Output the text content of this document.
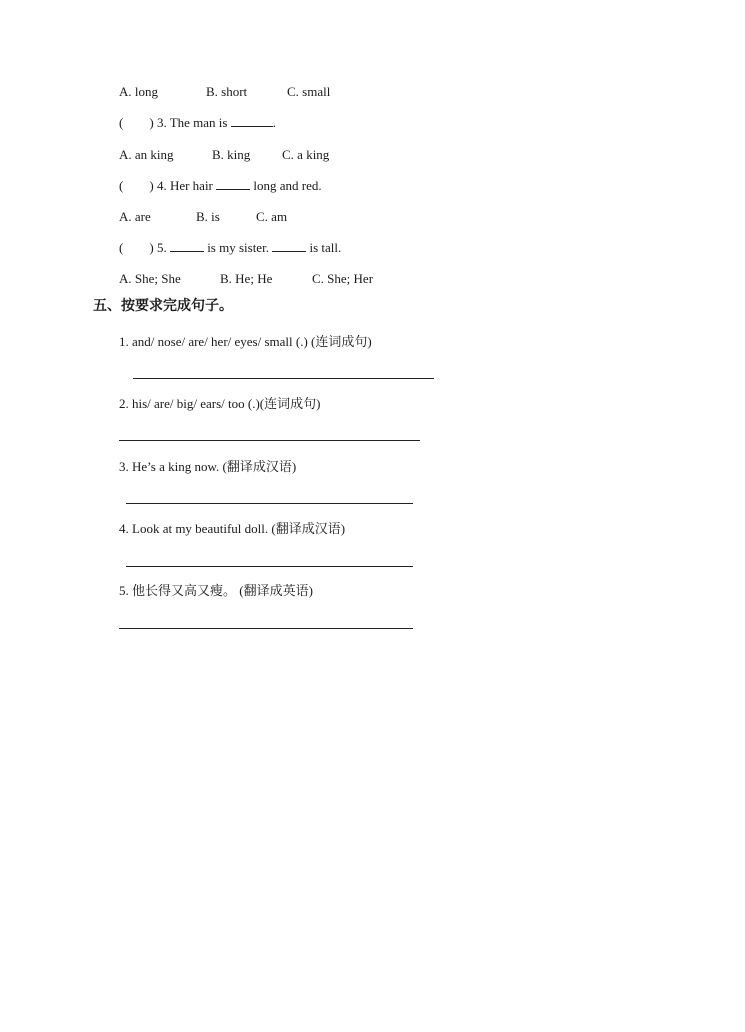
A. long	B. short	C. small
( ) 3. The man is	.
A. an king	B. king C. a king
( ) 4. Her hair	long and red.
A. are	B. is	C. am
( ) 5.	is my sister.	is tall.
A. She; She	B. He; He	C. She; Her
五、按要求完成句子。
1. and/ nose/ are/ her/ eyes/ small (.) (连词成句)
2. his/ are/ big/ ears/ too (.)(连词成句)
3. He’s a king now. (翻译成汉语)
4. Look at my beautiful doll. (翻译成汉语)
5. 他长得又高又瘦。 (翻译成英语)
